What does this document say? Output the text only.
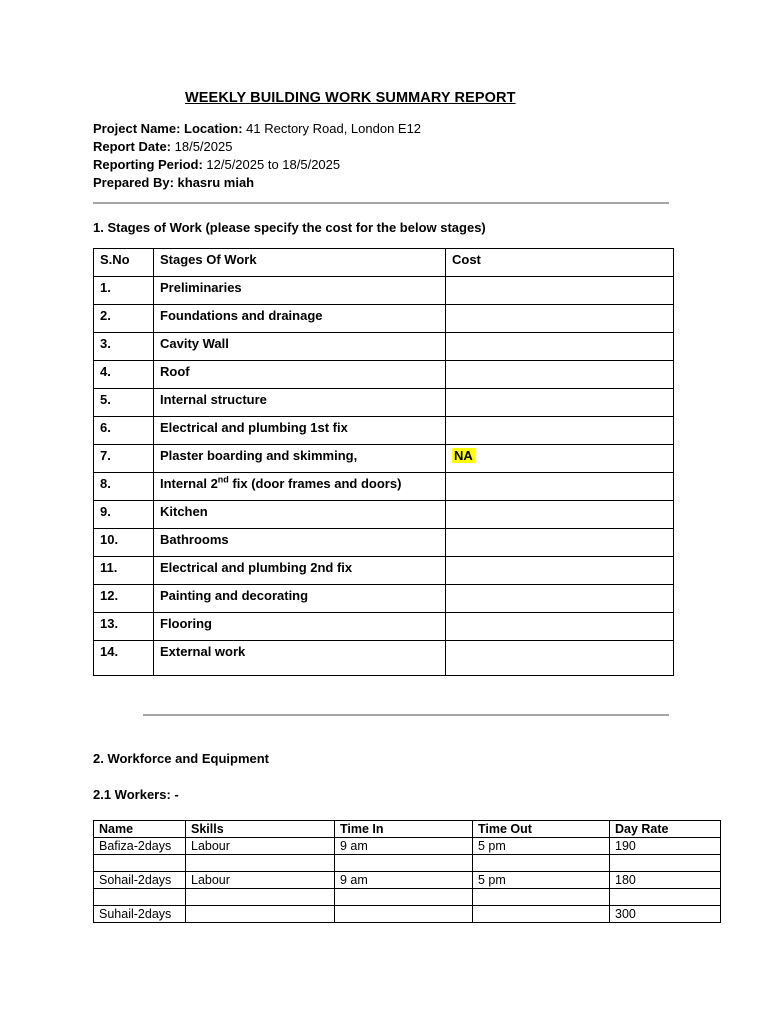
WEEKLY BUILDING WORK SUMMARY REPORT
Project Name: Location: 41 Rectory Road, London E12
Report Date: 18/5/2025
Reporting Period: 12/5/2025 to 18/5/2025
Prepared By: khasru miah
1. Stages of Work (please specify the cost for the below stages)
S.No	Stages Of Work	Cost
1.	Preliminaries	
2.	Foundations and drainage	
3.	Cavity Wall	
4.	Roof	
5.	Internal structure	
6.	Electrical and plumbing 1st fix	
7.	Plaster boarding and skimming,	NA
8.	Internal 2nd fix (door frames and doors)	
9.	Kitchen	
10.	Bathrooms	
11.	Electrical and plumbing 2nd fix	
12.	Painting and decorating	
13.	Flooring	
14.	External work	
2. Workforce and Equipment
2.1 Workers: -
Name	Skills	Time In	Time Out	Day Rate
Bafiza-2days	Labour	9 am	5 pm	190

Sohail-2days	Labour	9 am	5 pm	180

Suhail-2days				300
